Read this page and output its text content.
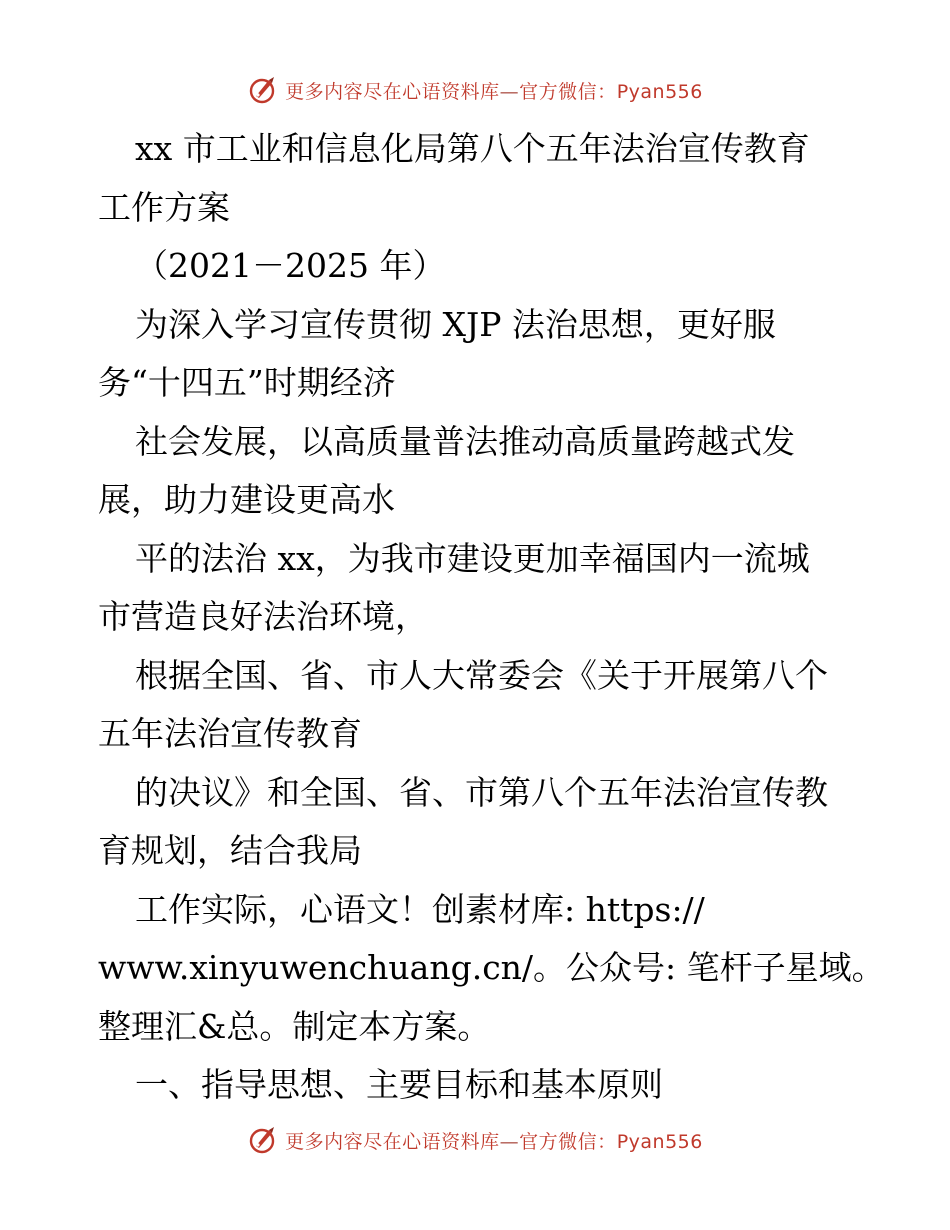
更多内容尽在心语资料库—官方微信：Pyan556

xx 市工业和信息化局第八个五年法治宣传教育

工作方案

（2021－2025 年）

为深入学习宣传贯彻 XJP 法治思想，更好服

务“十四五”时期经济

社会发展，以高质量普法推动高质量跨越式发

展，助力建设更高水

平的法治 xx，为我市建设更加幸福国内一流城

市营造良好法治环境，

根据全国、省、市人大常委会《关于开展第八个

五年法治宣传教育

的决议》和全国、省、市第八个五年法治宣传教

育规划，结合我局

工作实际，心语文！创素材库: https://

www.xinyuwenchuang.cn/。公众号: 笔杆子星域。

整理汇&总。制定本方案。

一、指导思想、主要目标和基本原则

更多内容尽在心语资料库—官方微信：Pyan556
